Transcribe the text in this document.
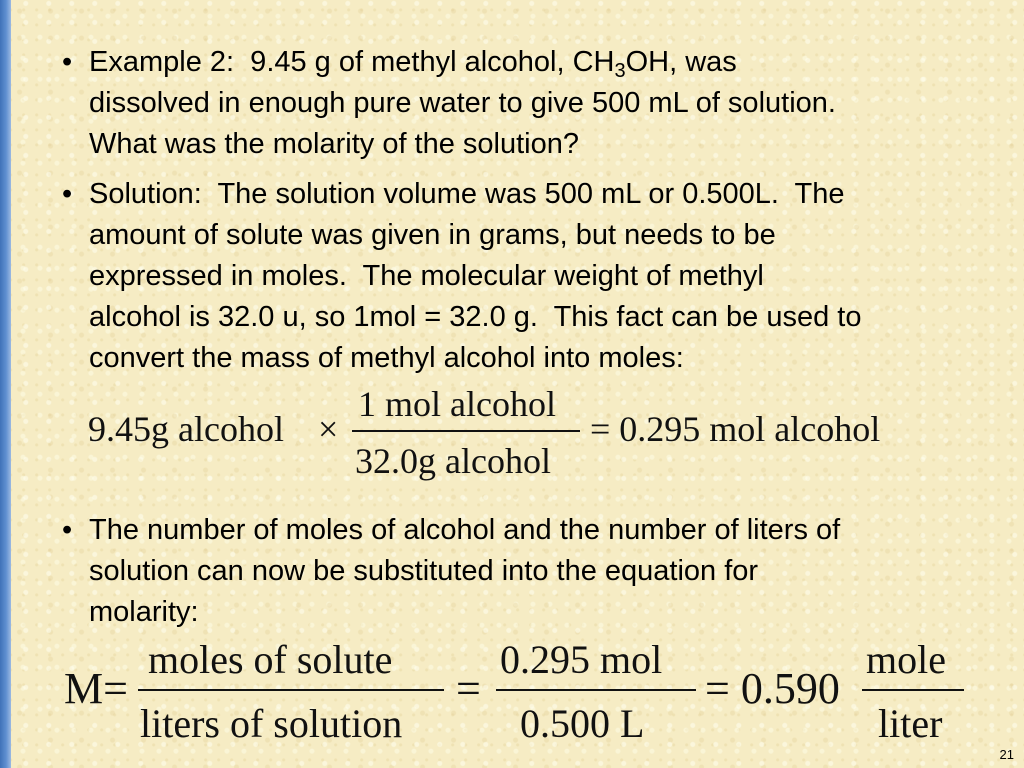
• Example 2:  9.45 g of methyl alcohol, $CH_3OH$, was
dissolved in enough pure water to give 500 mL of solution.
What was the molarity of the solution?
• Solution:  The solution volume was 500 mL or 0.500L.  The
amount of solute was given in grams, but needs to be
expressed in moles.  The molecular weight of methyl
alcohol is 32.0 u, so 1mol = 32.0 g.  This fact can be used to
convert the mass of methyl alcohol into moles:
9.45g alcohol ×
1 mol alcohol
32.0g alcohol
= 0.295 mol alcohol
• The number of moles of alcohol and the number of liters of
solution can now be substituted into the equation for
molarity:
M=
moles of solute
liters of solution
=
0.295 mol
0.500 L
= 0.590
mole
liter
21
